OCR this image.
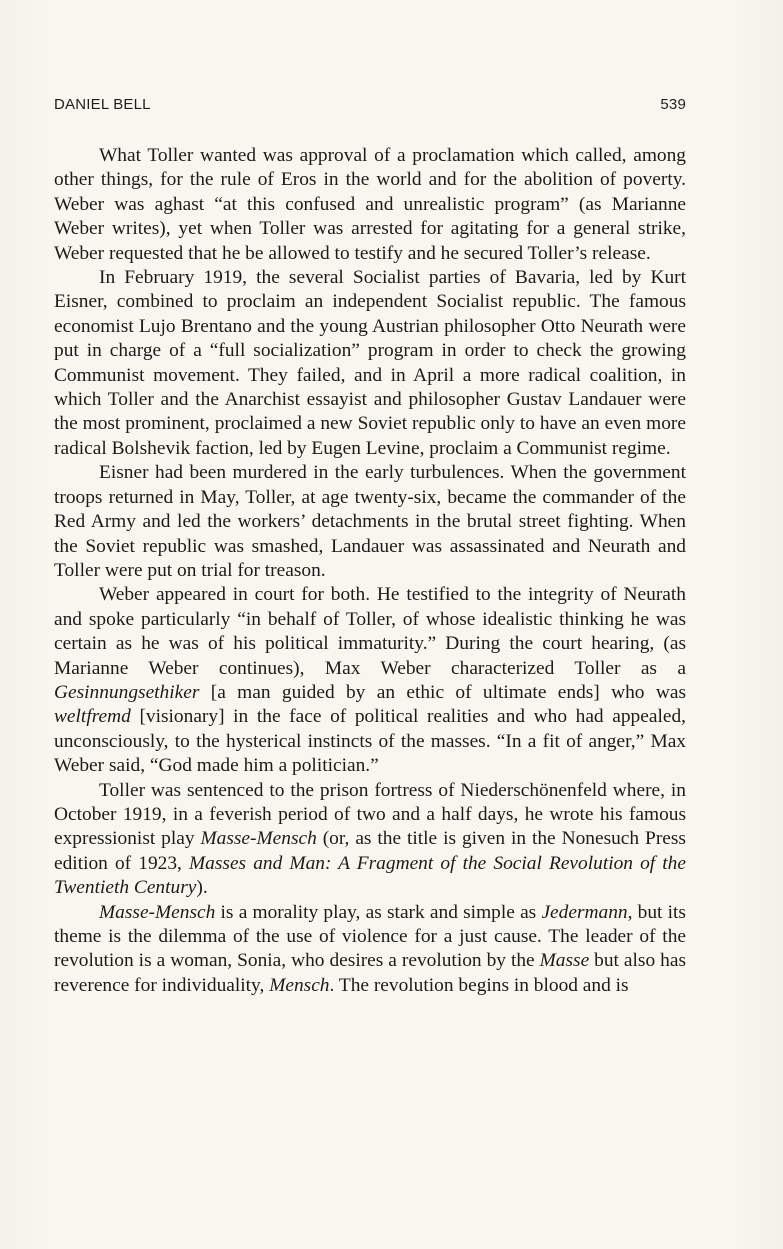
DANIEL BELL	539

What Toller wanted was approval of a proclamation which called, among other things, for the rule of Eros in the world and for the abolition of poverty. Weber was aghast “at this confused and unrealistic program” (as Marianne Weber writes), yet when Toller was arrested for agitating for a general strike, Weber requested that he be allowed to testify and he secured Toller’s release.

In February 1919, the several Socialist parties of Bavaria, led by Kurt Eisner, combined to proclaim an independent Socialist republic. The famous economist Lujo Brentano and the young Austrian philosopher Otto Neurath were put in charge of a “full socialization” program in order to check the growing Communist movement. They failed, and in April a more radical coalition, in which Toller and the Anarchist essayist and philosopher Gustav Landauer were the most prominent, proclaimed a new Soviet republic only to have an even more radical Bolshevik faction, led by Eugen Levine, proclaim a Communist regime.

Eisner had been murdered in the early turbulences. When the government troops returned in May, Toller, at age twenty-six, became the commander of the Red Army and led the workers’ detachments in the brutal street fighting. When the Soviet republic was smashed, Landauer was assassinated and Neurath and Toller were put on trial for treason.

Weber appeared in court for both. He testified to the integrity of Neurath and spoke particularly “in behalf of Toller, of whose idealistic thinking he was certain as he was of his political immaturity.” During the court hearing, (as Marianne Weber continues), Max Weber characterized Toller as a Gesinnungsethiker [a man guided by an ethic of ultimate ends] who was weltfremd [visionary] in the face of political realities and who had appealed, unconsciously, to the hysterical instincts of the masses. “In a fit of anger,” Max Weber said, “God made him a politician.”

Toller was sentenced to the prison fortress of Niederschönenfeld where, in October 1919, in a feverish period of two and a half days, he wrote his famous expressionist play Masse-Mensch (or, as the title is given in the Nonesuch Press edition of 1923, Masses and Man: A Fragment of the Social Revolution of the Twentieth Century).

Masse-Mensch is a morality play, as stark and simple as Jedermann, but its theme is the dilemma of the use of violence for a just cause. The leader of the revolution is a woman, Sonia, who desires a revolution by the Masse but also has reverence for individuality, Mensch. The revolution begins in blood and is
